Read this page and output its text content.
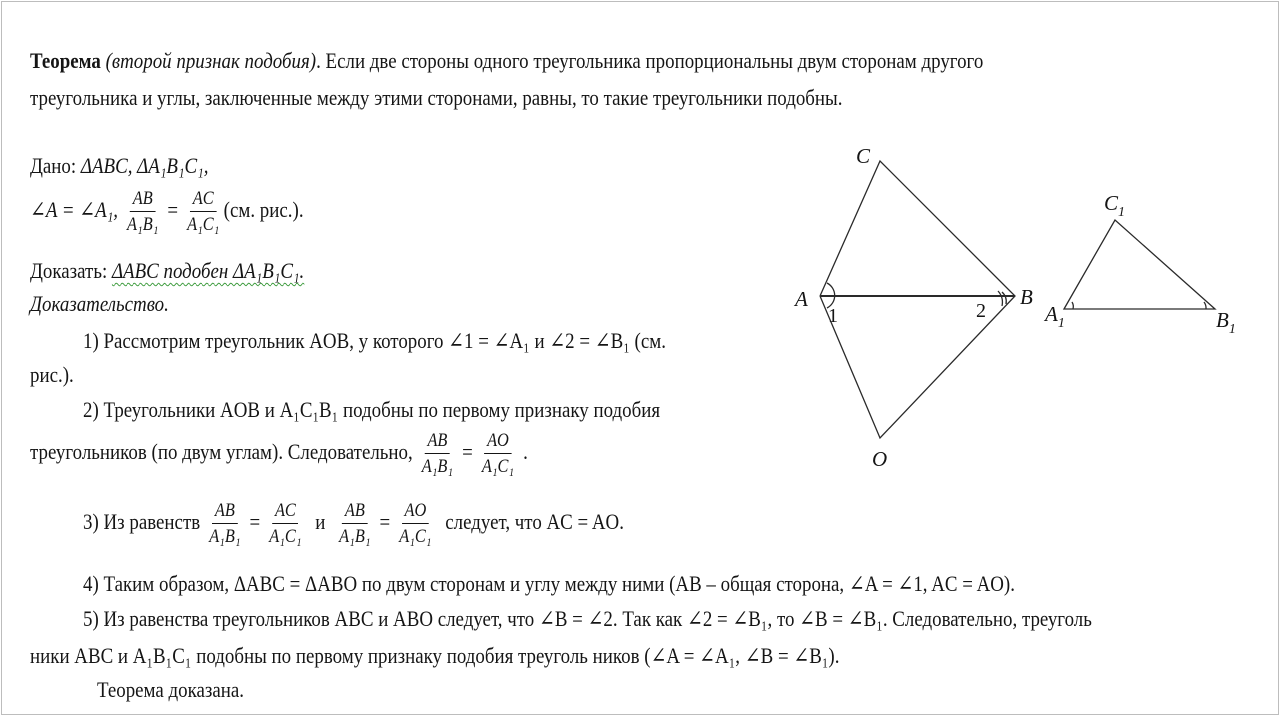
Теорема (второй признак подобия). Если две стороны одного треугольника пропорциональны двум сторонам другого
треугольника и углы, заключенные между этими сторонами, равны, то такие треугольники подобны.
Дано: ΔABC, ΔA₁B₁C₁,
∠A = ∠A₁, $\frac{AB}{\text{A₁B₁}} = \frac{AC}{\text{A₁C₁}} (см$. рис.).
Доказать: ΔABC подобен ΔA₁B₁C₁.
Доказательство.
1) Рассмотрим треугольник AOB, у которого ∠1 = ∠A₁ и ∠2 = ∠B₁ (см.
рис.).
2) Треугольники AOB и A₁C₁B₁ подобны по первому признаку подобия
треугольников (по двум углам). Следовательно, $\frac{AB}{\text{A₁B₁}} = \frac{AO}{\text{A₁C₁}}$ .
3) Из равенств $\frac{AB}{\text{A₁B₁}} = \frac{AC}{\text{A₁C₁}}$ и $\frac{AB}{\text{A₁B₁}} = \frac{AO}{\text{A₁C₁}}$ следует, что AC = AO.
4) Таким образом, ΔABC = ΔABO по двум сторонам и углу между ними (AB – общая сторона, ∠A = ∠1, AC = AO).
5) Из равенства треугольников ABC и ABO следует, что ∠B = ∠2. Так как ∠2 = ∠B₁, то ∠B = ∠B₁. Следовательно, треуголь
ники ABC и A₁B₁C₁ подобны по первому признаку подобия треуголь ников (∠A = ∠A₁, ∠B = ∠B₁).
Теорема доказана.
C
A	B
O
1	2
$C_1$
$A_1$	$B_1$
